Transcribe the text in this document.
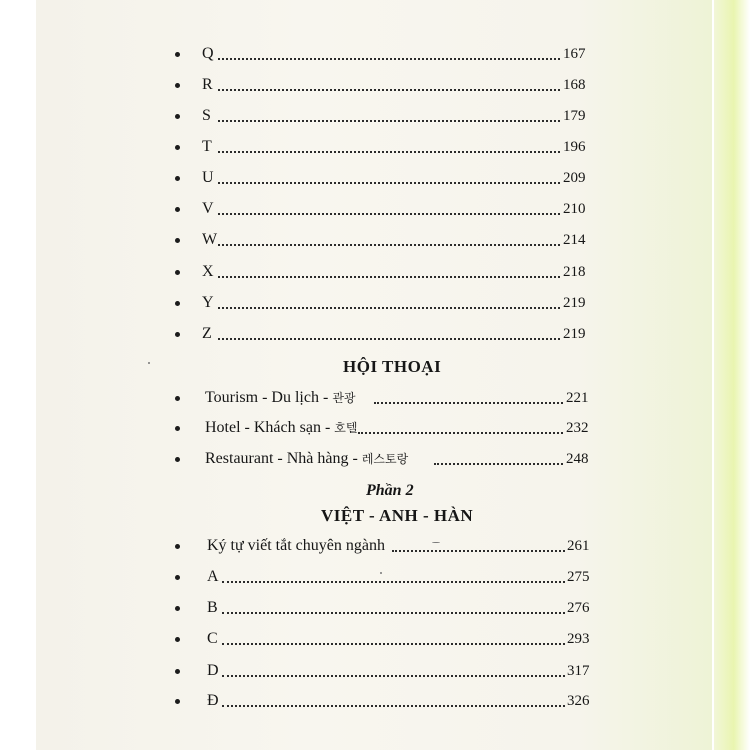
Q	167
R	168
S	179
T	196
U	209
V	210
W	214
X	218
Y	219
Z	219
HỘI THOẠI
Tourism - Du lịch - 관광	221
Hotel - Khách sạn - 호텔	232
Restaurant - Nhà hàng - 레스토랑	248
Phần 2
VIỆT - ANH - HÀN
Ký tự viết tắt chuyên ngành	261
A	275
B	276
C	293
D	317
Đ	326
